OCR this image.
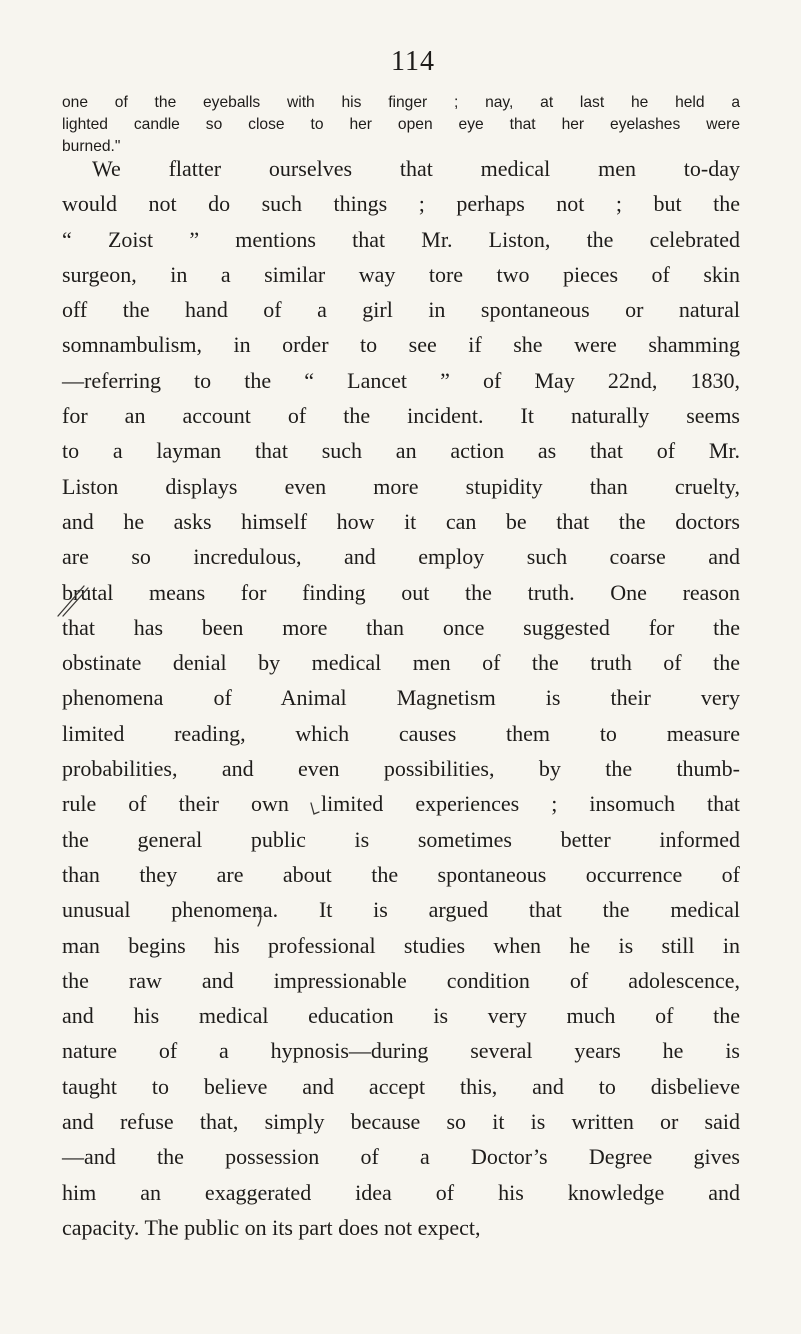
114
one of the eyeballs with his finger ; nay, at last he held a
lighted candle so close to her open eye that her eyelashes were
burned."
We flatter ourselves that medical men to-day
would not do such things ; perhaps not ; but the
“ Zoist ” mentions that Mr. Liston, the celebrated
surgeon, in a similar way tore two pieces of skin
off the hand of a girl in spontaneous or natural
somnambulism, in order to see if she were shamming
—referring to the “ Lancet ” of May 22nd, 1830,
for an account of the incident. It naturally seems
to a layman that such an action as that of Mr.
Liston displays even more stupidity than cruelty,
and he asks himself how it can be that the doctors
are so incredulous, and employ such coarse and
brutal means for finding out the truth. One reason
that has been more than once suggested for the
obstinate denial by medical men of the truth of the
phenomena of Animal Magnetism is their very
limited reading, which causes them to measure
probabilities, and even possibilities, by the thumb-
rule of their own limited experiences ; insomuch that
the general public is sometimes better informed
than they are about the spontaneous occurrence of
unusual phenomena. It is argued that the medical
man begins his professional studies when he is still in
the raw and impressionable condition of adolescence,
and his medical education is very much of the
nature of a hypnosis—during several years he is
taught to believe and accept this, and to disbelieve
and refuse that, simply because so it is written or said
—and the possession of a Doctor’s Degree gives
him an exaggerated idea of his knowledge and
capacity. The public on its part does not expect,
